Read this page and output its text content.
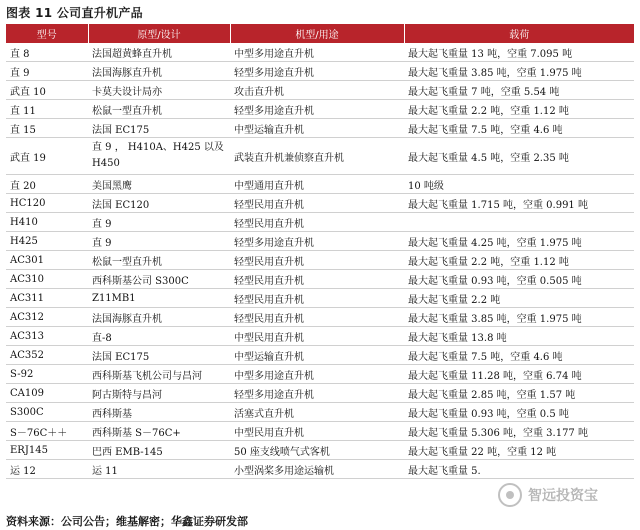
图表 11 公司直升机产品
型号	原型/设计	机型/用途	载荷
直 8	法国超黄蜂直升机	中型多用途直升机	最大起飞重量 13 吨，空重 7.095 吨
直 9	法国海豚直升机	轻型多用途直升机	最大起飞重量 3.85 吨，空重 1.975 吨
武直 10	卡莫夫设计局亦	攻击直升机	最大起飞重量 7 吨，空重 5.54 吨
直 11	松鼠一型直升机	轻型多用途直升机	最大起飞重量 2.2 吨，空重 1.12 吨
直 15	法国 EC175	中型运输直升机	最大起飞重量 7.5 吨，空重 4.6 吨
武直 19	直 9 ， H410A、H425 以及 H450	武装直升机兼侦察直升机	最大起飞重量 4.5 吨，空重 2.35 吨
直 20	美国黑鹰	中型通用直升机	10 吨级
HC120	法国 EC120	轻型民用直升机	最大起飞重量 1.715 吨，空重 0.991 吨
H410	直 9	轻型民用直升机	
H425	直 9	轻型多用途直升机	最大起飞重量 4.25 吨，空重 1.975 吨
AC301	松鼠一型直升机	轻型民用直升机	最大起飞重量 2.2 吨，空重 1.12 吨
AC310	西科斯基公司 S300C	轻型民用直升机	最大起飞重量 0.93 吨，空重 0.505 吨
AC311	Z11MB1	轻型民用直升机	最大起飞重量 2.2 吨
AC312	法国海豚直升机	轻型民用直升机	最大起飞重量 3.85 吨，空重 1.975 吨
AC313	直-8	中型民用直升机	最大起飞重量 13.8 吨
AC352	法国 EC175	中型运输直升机	最大起飞重量 7.5 吨，空重 4.6 吨
S-92	西科斯基飞机公司与昌河	中型多用途直升机	最大起飞重量 11.28 吨，空重 6.74 吨
CA109	阿古斯特与昌河	轻型多用途直升机	最大起飞重量 2.85 吨，空重 1.57 吨
S300C	西科斯基	活塞式直升机	最大起飞重量 0.93 吨，空重 0.5 吨
S－76C＋＋	西科斯基 S－76C+	中型民用直升机	最大起飞重量 5.306 吨，空重 3.177 吨
ERJ145	巴西 EMB-145	50 座支线喷气式客机	最大起飞重量 22 吨，空重 12 吨
运 12	运 11	小型涡桨多用途运输机	最大起飞重量 5.
智远投资宝
资料来源：公司公告；维基解密；华鑫证券研发部
